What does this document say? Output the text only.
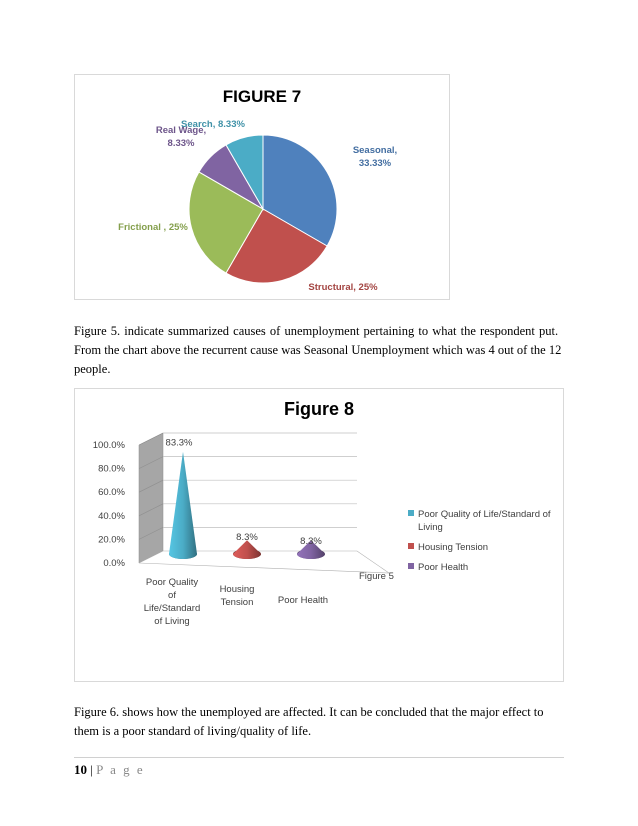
FIGURE 7
Seasonal, 33.33%
Structural, 25%
Frictional , 25%
Real Wage, 8.33%
Search, 8.33%
Figure 5. indicate summarized causes of unemployment pertaining to what the respondent put.
From the chart above the recurrent cause was Seasonal Unemployment which was 4 out of the 12
people.
Figure 8
0.0%
20.0%
40.0%
60.0%
80.0%
100.0%	83.3%
8.3%	8.3%
Poor Quality of Life/Standard of Living
Housing Tension	Poor Health
Figure 5
Poor Quality of Life/Standard of Living
Housing Tension
Poor Health
Figure 6. shows how the unemployed are affected. It can be concluded that the major effect to
them is a poor standard of living/quality of life.
10 | P a g e
